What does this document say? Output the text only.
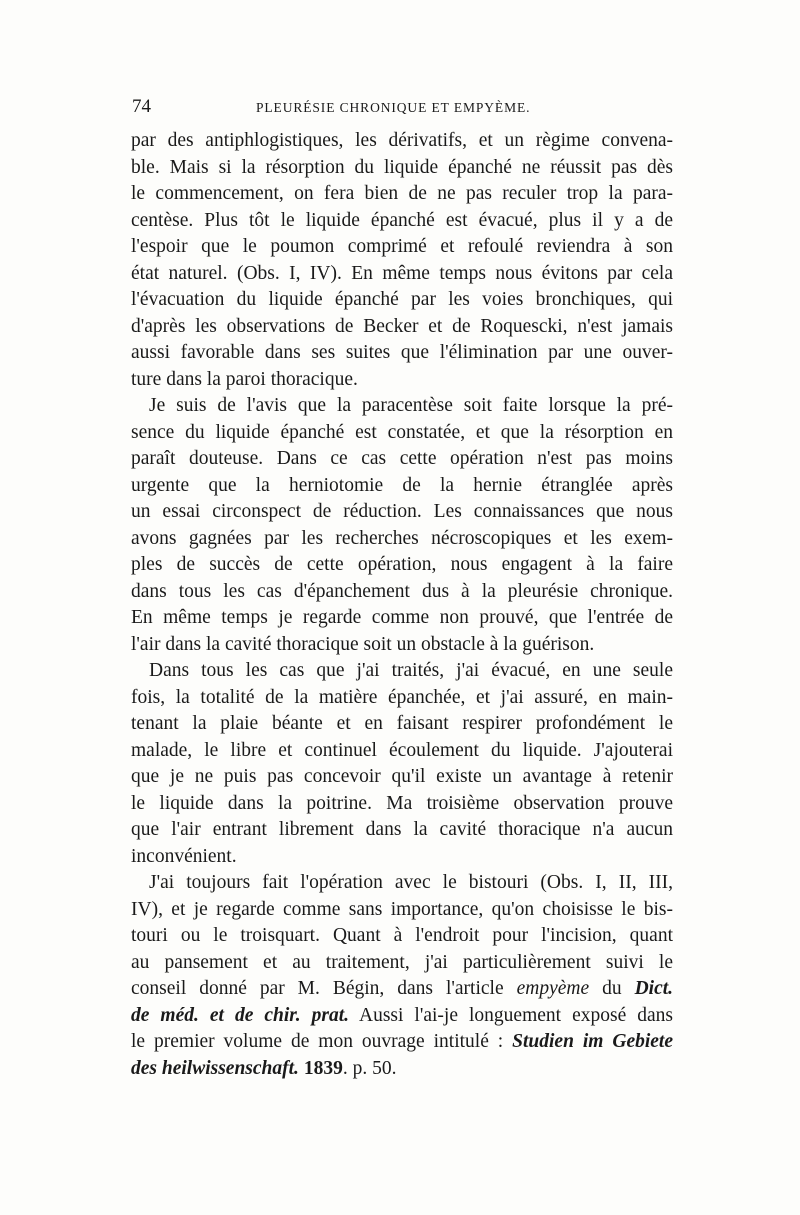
74	PLEURÉSIE CHRONIQUE ET EMPYÈME.
par des antiphlogistiques, les dérivatifs, et un règime convena-
ble. Mais si la résorption du liquide épanché ne réussit pas dès
le commencement, on fera bien de ne pas reculer trop la para-
centèse. Plus tôt le liquide épanché est évacué, plus il y a de
l'espoir que le poumon comprimé et refoulé reviendra à son
état naturel. (Obs. I, IV). En même temps nous évitons par cela
l'évacuation du liquide épanché par les voies bronchiques, qui
d'après les observations de Becker et de Roquescki, n'est jamais
aussi favorable dans ses suites que l'élimination par une ouver-
ture dans la paroi thoracique.
Je suis de l'avis que la paracentèse soit faite lorsque la pré-
sence du liquide épanché est constatée, et que la résorption en
paraît douteuse. Dans ce cas cette opération n'est pas moins
urgente que la herniotomie de la hernie étranglée après
un essai circonspect de réduction. Les connaissances que nous
avons gagnées par les recherches nécroscopiques et les exem-
ples de succès de cette opération, nous engagent à la faire
dans tous les cas d'épanchement dus à la pleurésie chronique.
En même temps je regarde comme non prouvé, que l'entrée de
l'air dans la cavité thoracique soit un obstacle à la guérison.
Dans tous les cas que j'ai traités, j'ai évacué, en une seule
fois, la totalité de la matière épanchée, et j'ai assuré, en main-
tenant la plaie béante et en faisant respirer profondément le
malade, le libre et continuel écoulement du liquide. J'ajouterai
que je ne puis pas concevoir qu'il existe un avantage à retenir
le liquide dans la poitrine. Ma troisième observation prouve
que l'air entrant librement dans la cavité thoracique n'a aucun
inconvénient.
J'ai toujours fait l'opération avec le bistouri (Obs. I, II, III,
IV), et je regarde comme sans importance, qu'on choisisse le bis-
touri ou le troisquart. Quant à l'endroit pour l'incision, quant
au pansement et au traitement, j'ai particulièrement suivi le
conseil donné par M. Bégin, dans l'article empyème du Dict.
de méd. et de chir. prat. Aussi l'ai-je longuement exposé dans
le premier volume de mon ouvrage intitulé : Studien im Gebiete
des heilwissenschaft. 1839. p. 50.
